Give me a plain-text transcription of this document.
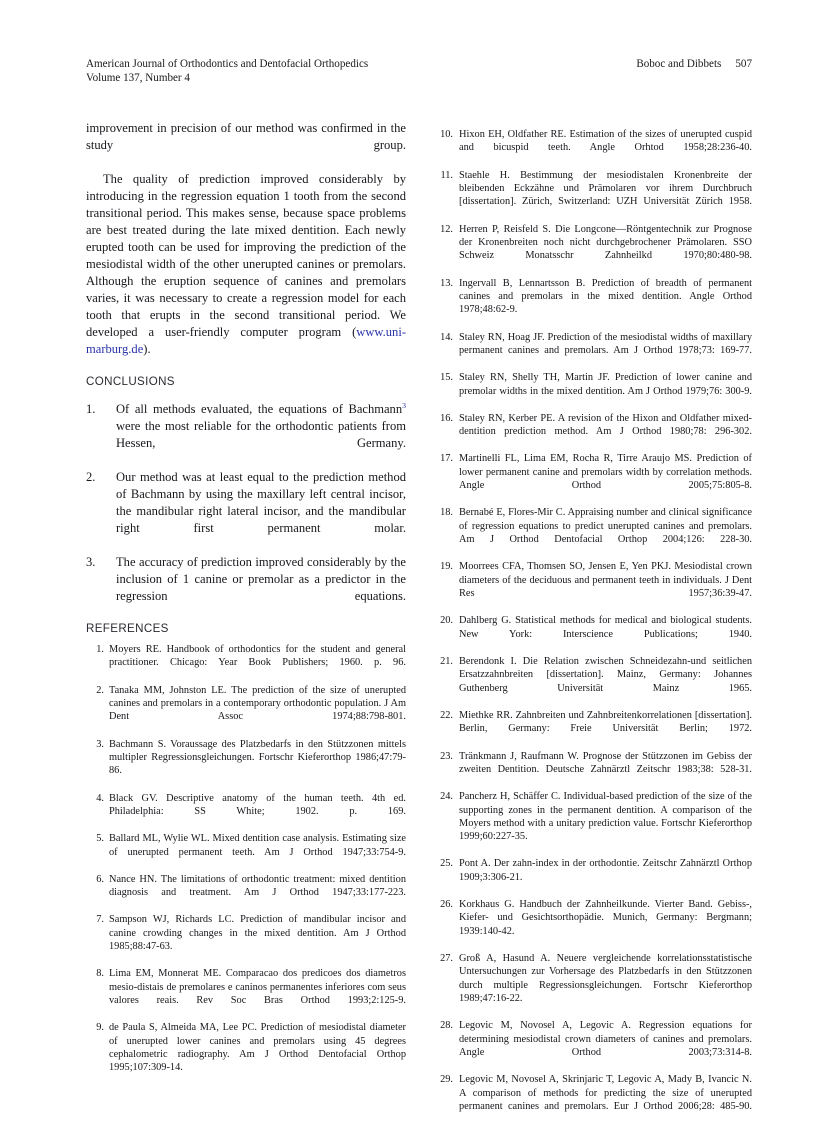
American Journal of Orthodontics and Dentofacial Orthopedics
Volume 137, Number 4
Boboc and Dibbets 507

improvement in precision of our method was confirmed in the study group.

The quality of prediction improved considerably by introducing in the regression equation 1 tooth from the second transitional period. This makes sense, because space problems are best treated during the late mixed dentition. Each newly erupted tooth can be used for improving the prediction of the mesiodistal width of the other unerupted canines or premolars. Although the eruption sequence of canines and premolars varies, it was necessary to create a regression model for each tooth that erupts in the second transitional period. We developed a user-friendly computer program (www.uni-marburg.de).

CONCLUSIONS
1.	Of all methods evaluated, the equations of Bachmann$^3$ were the most reliable for the orthodontic patients from Hessen, Germany.
2.	Our method was at least equal to the prediction method of Bachmann by using the maxillary left central incisor, the mandibular right lateral incisor, and the mandibular right first permanent molar.
3.	The accuracy of prediction improved considerably by the inclusion of 1 canine or premolar as a predictor in the regression equations.
REFERENCES
1. Moyers RE. Handbook of orthodontics for the student and general practitioner. Chicago: Year Book Publishers; 1960. p. 96.
2. Tanaka MM, Johnston LE. The prediction of the size of unerupted canines and premolars in a contemporary orthodontic population. J Am Dent Assoc 1974;88:798-801.
3. Bachmann S. Voraussage des Platzbedarfs in den Stützzonen mittels multipler Regressionsgleichungen. Fortschr Kieferorthop 1986;47:79-86.
4. Black GV. Descriptive anatomy of the human teeth. 4th ed. Philadelphia: SS White; 1902. p. 169.
5. Ballard ML, Wylie WL. Mixed dentition case analysis. Estimating size of unerupted permanent teeth. Am J Orthod 1947;33:754-9.
6. Nance HN. The limitations of orthodontic treatment: mixed dentition diagnosis and treatment. Am J Orthod 1947;33:177-223.
7. Sampson WJ, Richards LC. Prediction of mandibular incisor and canine crowding changes in the mixed dentition. Am J Orthod 1985;88:47-63.
8. Lima EM, Monnerat ME. Comparacao dos predicoes dos diametros mesio-distais de premolares e caninos permanentes inferiores com seus valores reais. Rev Soc Bras Orthod 1993;2:125-9.
9. de Paula S, Almeida MA, Lee PC. Prediction of mesiodistal diameter of unerupted lower canines and premolars using 45 degrees cephalometric radiography. Am J Orthod Dentofacial Orthop 1995;107:309-14.
10. Hixon EH, Oldfather RE. Estimation of the sizes of unerupted cuspid and bicuspid teeth. Angle Orhtod 1958;28:236-40.
11. Staehle H. Bestimmung der mesiodistalen Kronenbreite der bleibenden Eckzähne und Prämolaren vor ihrem Durchbruch [dissertation]. Zürich, Switzerland: UZH Universität Zürich 1958.
12. Herren P, Reisfeld S. Die Longcone—Röntgentechnik zur Prognose der Kronenbreiten noch nicht durchgebrochener Prämolaren. SSO Schweiz Monatsschr Zahnheilkd 1970;80:480-98.
13. Ingervall B, Lennartsson B. Prediction of breadth of permanent canines and premolars in the mixed dentition. Angle Orthod 1978;48:62-9.
14. Staley RN, Hoag JF. Prediction of the mesiodistal widths of maxillary permanent canines and premolars. Am J Orthod 1978;73: 169-77.
15. Staley RN, Shelly TH, Martin JF. Prediction of lower canine and premolar widths in the mixed dentition. Am J Orthod 1979;76: 300-9.
16. Staley RN, Kerber PE. A revision of the Hixon and Oldfather mixed-dentition prediction method. Am J Orthod 1980;78: 296-302.
17. Martinelli FL, Lima EM, Rocha R, Tirre Araujo MS. Prediction of lower permanent canine and premolars width by correlation methods. Angle Orthod 2005;75:805-8.
18. Bernabé E, Flores-Mir C. Appraising number and clinical significance of regression equations to predict unerupted canines and premolars. Am J Orthod Dentofacial Orthop 2004;126: 228-30.
19. Moorrees CFA, Thomsen SO, Jensen E, Yen PKJ. Mesiodistal crown diameters of the deciduous and permanent teeth in individuals. J Dent Res 1957;36:39-47.
20. Dahlberg G. Statistical methods for medical and biological students. New York: Interscience Publications; 1940.
21. Berendonk I. Die Relation zwischen Schneidezahn-und seitlichen Ersatzzahnbreiten [dissertation]. Mainz, Germany: Johannes Guthenberg Universität Mainz 1965.
22. Miethke RR. Zahnbreiten und Zahnbreitenkorrelationen [dissertation]. Berlin, Germany: Freie Universität Berlin; 1972.
23. Tränkmann J, Raufmann W. Prognose der Stützzonen im Gebiss der zweiten Dentition. Deutsche Zahnärztl Zeitschr 1983;38: 528-31.
24. Pancherz H, Schäffer C. Individual-based prediction of the size of the supporting zones in the permanent dentition. A comparison of the Moyers method with a unitary prediction value. Fortschr Kieferorthop 1999;60:227-35.
25. Pont A. Der zahn-index in der orthodontie. Zeitschr Zahnärztl Orthop 1909;3:306-21.
26. Korkhaus G. Handbuch der Zahnheilkunde. Vierter Band. Gebiss-, Kiefer- und Gesichtsorthopädie. Munich, Germany: Bergmann; 1939:140-42.
27. Groß A, Hasund A. Neuere vergleichende korrelationsstatistische Untersuchungen zur Vorhersage des Platzbedarfs in den Stützzonen durch multiple Regressionsgleichungen. Fortschr Kieferorthop 1989;47:16-22.
28. Legovic M, Novosel A, Legovic A. Regression equations for determining mesiodistal crown diameters of canines and premolars. Angle Orthod 2003;73:314-8.
29. Legovic M, Novosel A, Skrinjaric T, Legovic A, Mady B, Ivancic N. A comparison of methods for predicting the size of unerupted permanent canines and premolars. Eur J Orthod 2006;28: 485-90.
